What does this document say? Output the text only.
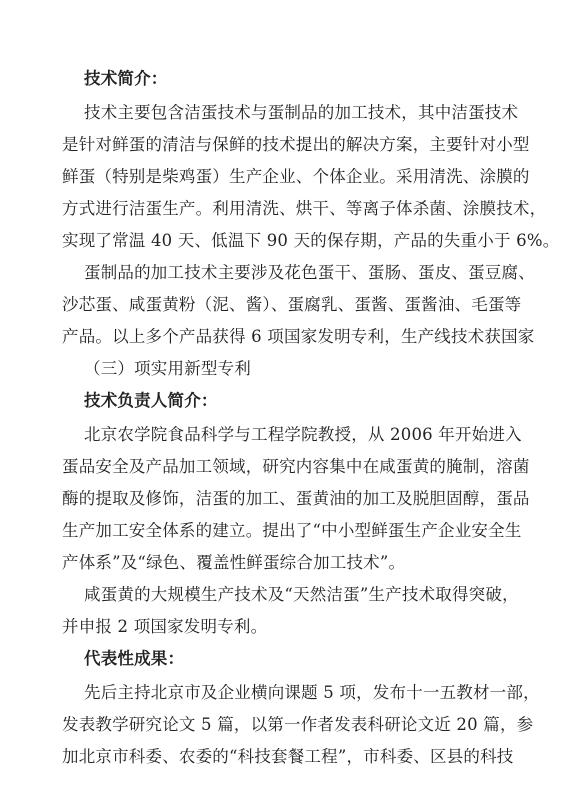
技术简介：
技术主要包含洁蛋技术与蛋制品的加工技术，其中洁蛋技术
是针对鲜蛋的清洁与保鲜的技术提出的解决方案，主要针对小型
鲜蛋（特别是柴鸡蛋）生产企业、个体企业。采用清洗、涂膜的
方式进行洁蛋生产。利用清洗、烘干、等离子体杀菌、涂膜技术，
实现了常温 40 天、低温下 90 天的保存期，产品的失重小于 6%。
蛋制品的加工技术主要涉及花色蛋干、蛋肠、蛋皮、蛋豆腐、
沙芯蛋、咸蛋黄粉（泥、酱）、蛋腐乳、蛋酱、蛋酱油、毛蛋等
产品。以上多个产品获得 6 项国家发明专利，生产线技术获国家
（三）项实用新型专利
技术负责人简介：
北京农学院食品科学与工程学院教授，从 2006 年开始进入
蛋品安全及产品加工领域，研究内容集中在咸蛋黄的腌制，溶菌
酶的提取及修饰，洁蛋的加工、蛋黄油的加工及脱胆固醇，蛋品
生产加工安全体系的建立。提出了“中小型鲜蛋生产企业安全生
产体系”及“绿色、覆盖性鲜蛋综合加工技术”。
咸蛋黄的大规模生产技术及“天然洁蛋”生产技术取得突破，
并申报 2 项国家发明专利。
代表性成果：
先后主持北京市及企业横向课题 5 项，发布十一五教材一部，
发表教学研究论文 5 篇，以第一作者发表科研论文近 20 篇，参
加北京市科委、农委的“科技套餐工程”，市科委、区县的科技
